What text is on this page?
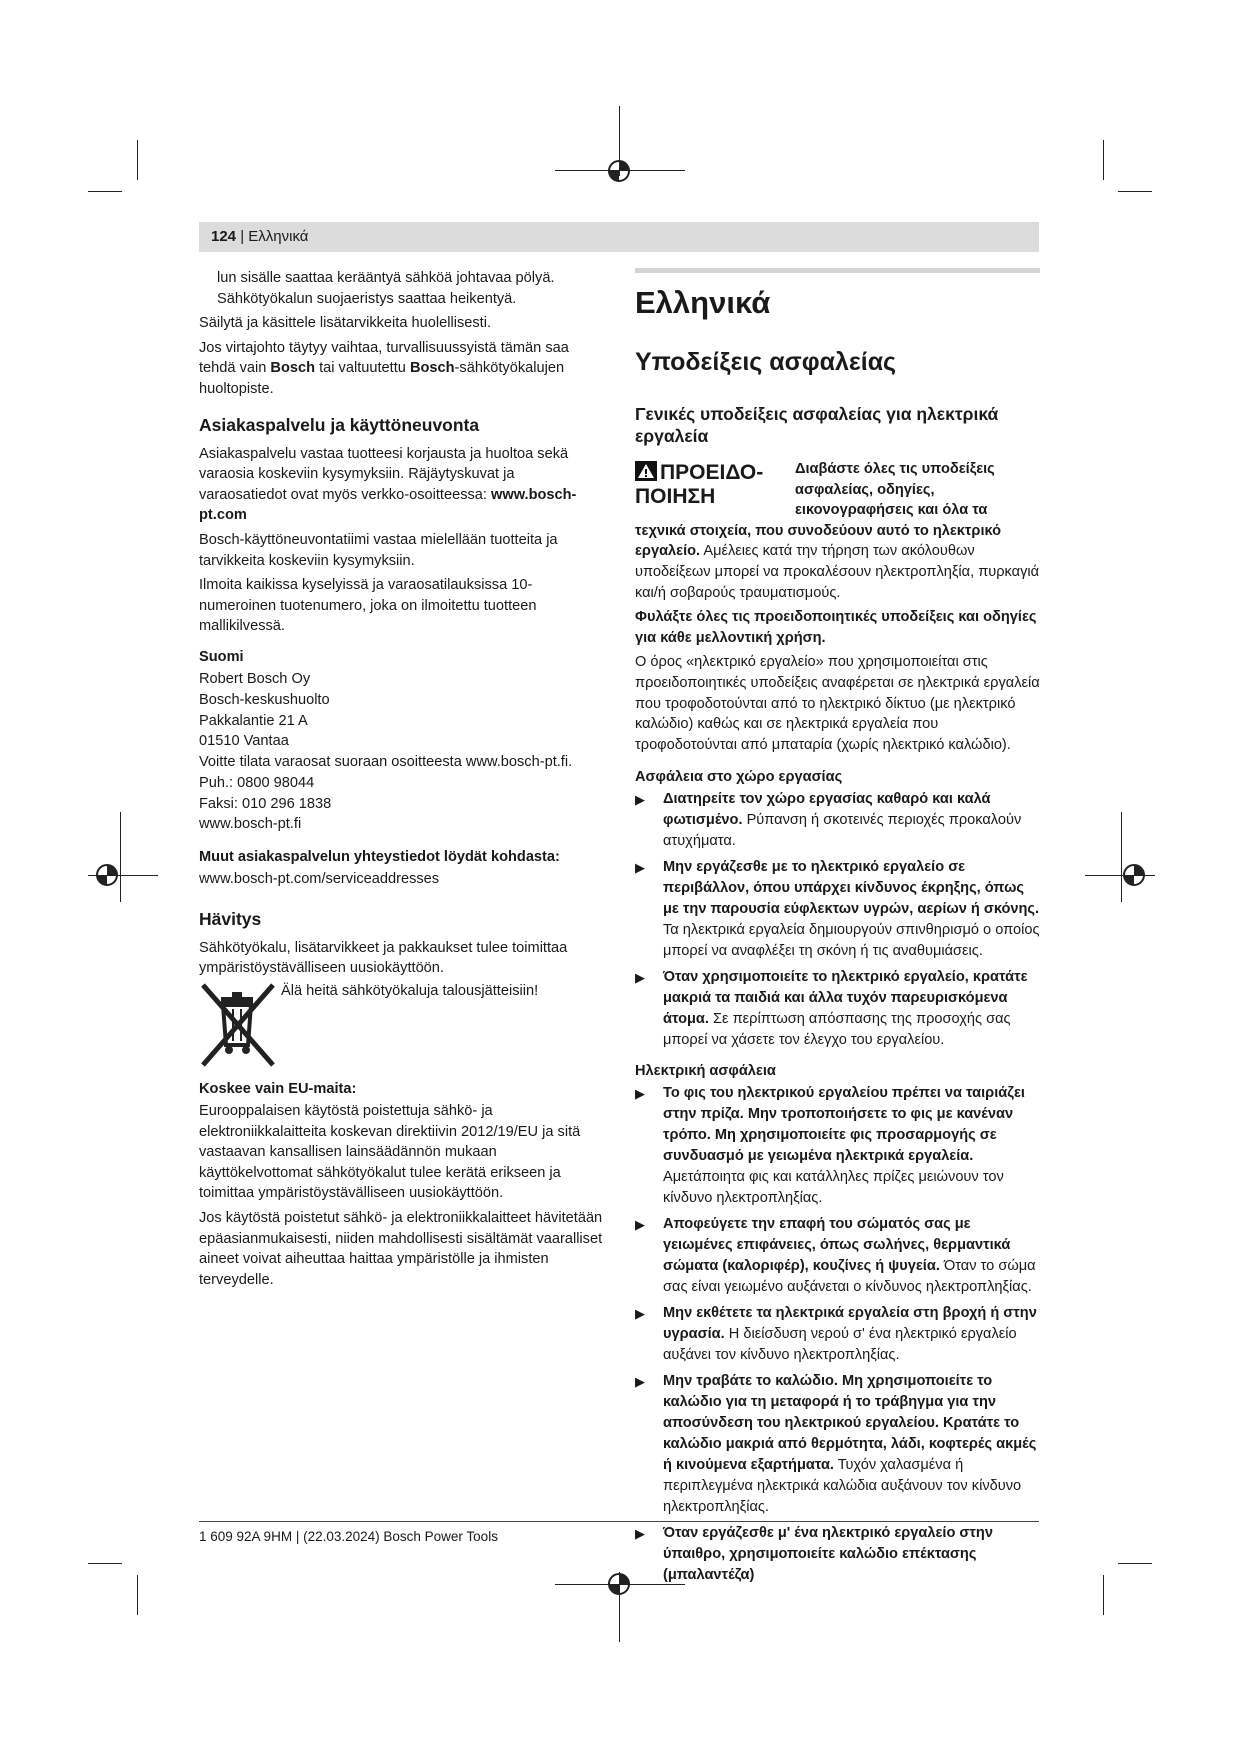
124 | Ελληνικά

lun sisälle saattaa kerääntyä sähköä johtavaa pölyä. Sähkötyökalun suojaeristys saattaa heikentyä.

Säilytä ja käsittele lisätarvikkeita huolellisesti.

Jos virtajohto täytyy vaihtaa, turvallisuussyistä tämän saa tehdä vain Bosch tai valtuutettu Bosch-sähkötyökalujen huoltopiste.

Asiakaspalvelu ja käyttöneuvonta

Asiakaspalvelu vastaa tuotteesi korjausta ja huoltoa sekä varaosia koskeviin kysymyksiin. Räjäytyskuvat ja varaosatiedot ovat myös verkko-osoitteessa: www.bosch-pt.com

Bosch-käyttöneuvontatiimi vastaa mielellään tuotteita ja tarvikkeita koskeviin kysymyksiin.

Ilmoita kaikissa kyselyissä ja varaosatilauksissa 10-numeroinen tuotenumero, joka on ilmoitettu tuotteen mallikilvessä.

Suomi
Robert Bosch Oy
Bosch-keskushuolto
Pakkalantie 21 A
01510 Vantaa
Voitte tilata varaosat suoraan osoitteesta www.bosch-pt.fi.
Puh.: 0800 98044
Faksi: 010 296 1838
www.bosch-pt.fi
Muut asiakaspalvelun yhteystiedot löydät kohdasta:

www.bosch-pt.com/serviceaddresses

Hävitys

Sähkötyökalu, lisätarvikkeet ja pakkaukset tulee toimittaa ympäristöystävälliseen uusiokäyttöön.

Älä heitä sähkötyökaluja talousjätteisiin!

Koskee vain EU-maita:

Eurooppalaisen käytöstä poistettuja sähkö- ja elektroniikkalaitteita koskevan direktiivin 2012/19/EU ja sitä vastaavan kansallisen lainsäädännön mukaan käyttökelvottomat sähkötyökalut tulee kerätä erikseen ja toimittaa ympäristöystävälliseen uusiokäyttöön.

Jos käytöstä poistetut sähkö- ja elektroniikkalaitteet hävitetään epäasianmukaisesti, niiden mahdollisesti sisältämät vaaralliset aineet voivat aiheuttaa haittaa ympäristölle ja ihmisten terveydelle.

Ελληνικά
Υποδείξεις ασφαλείας
Γενικές υποδείξεις ασφαλείας για ηλεκτρικά εργαλεία
ΠΡΟΕΙΔΟ- ΠΟΙΗΣΗ

Διαβάστε όλες τις υποδείξεις ασφαλείας, οδηγίες, εικονογραφήσεις και όλα τα τεχνικά στοιχεία, που συνοδεύουν αυτό το ηλεκτρικό εργαλείο. Αμέλειες κατά την τήρηση των ακόλουθων υποδείξεων μπορεί να προκαλέσουν ηλεκτροπληξία, πυρκαγιά και/ή σοβαρούς τραυματισμούς.

Φυλάξτε όλες τις προειδοποιητικές υποδείξεις και οδηγίες για κάθε μελλοντική χρήση.

Ο όρος «ηλεκτρικό εργαλείο» που χρησιμοποιείται στις προειδοποιητικές υποδείξεις αναφέρεται σε ηλεκτρικά εργαλεία που τροφοδοτούνται από το ηλεκτρικό δίκτυο (με ηλεκτρικό καλώδιο) καθώς και σε ηλεκτρικά εργαλεία που τροφοδοτούνται από μπαταρία (χωρίς ηλεκτρικό καλώδιο).

Ασφάλεια στο χώρο εργασίας
▶ Διατηρείτε τον χώρο εργασίας καθαρό και καλά φωτισμένο. Ρύπανση ή σκοτεινές περιοχές προκαλούν ατυχήματα.
▶ Μην εργάζεσθε με το ηλεκτρικό εργαλείο σε περιβάλλον, όπου υπάρχει κίνδυνος έκρηξης, όπως με την παρουσία εύφλεκτων υγρών, αερίων ή σκόνης. Τα ηλεκτρικά εργαλεία δημιουργούν σπινθηρισμό ο οποίος μπορεί να αναφλέξει τη σκόνη ή τις αναθυμιάσεις.
▶ Όταν χρησιμοποιείτε το ηλεκτρικό εργαλείο, κρατάτε μακριά τα παιδιά και άλλα τυχόν παρευρισκόμενα άτομα. Σε περίπτωση απόσπασης της προσοχής σας μπορεί να χάσετε τον έλεγχο του εργαλείου.
Ηλεκτρική ασφάλεια
▶ Το φις του ηλεκτρικού εργαλείου πρέπει να ταιριάζει στην πρίζα. Μην τροποποιήσετε το φις με κανέναν τρόπο. Μη χρησιμοποιείτε φις προσαρμογής σε συνδυασμό με γειωμένα ηλεκτρικά εργαλεία. Αμετάποιητα φις και κατάλληλες πρίζες μειώνουν τον κίνδυνο ηλεκτροπληξίας.
▶ Αποφεύγετε την επαφή του σώματός σας με γειωμένες επιφάνειες, όπως σωλήνες, θερμαντικά σώματα (καλοριφέρ), κουζίνες ή ψυγεία. Όταν το σώμα σας είναι γειωμένο αυξάνεται ο κίνδυνος ηλεκτροπληξίας.
▶ Μην εκθέτετε τα ηλεκτρικά εργαλεία στη βροχή ή στην υγρασία. Η διείσδυση νερού σ' ένα ηλεκτρικό εργαλείο αυξάνει τον κίνδυνο ηλεκτροπληξίας.
▶ Μην τραβάτε το καλώδιο. Μη χρησιμοποιείτε το καλώδιο για τη μεταφορά ή το τράβηγμα για την αποσύνδεση του ηλεκτρικού εργαλείου. Κρατάτε το καλώδιο μακριά από θερμότητα, λάδι, κοφτερές ακμές ή κινούμενα εξαρτήματα. Τυχόν χαλασμένα ή περιπλεγμένα ηλεκτρικά καλώδια αυξάνουν τον κίνδυνο ηλεκτροπληξίας.
▶ Όταν εργάζεσθε μ' ένα ηλεκτρικό εργαλείο στην ύπαιθρο, χρησιμοποιείτε καλώδιο επέκτασης (μπαλαντέζα)
1 609 92A 9HM | (22.03.2024) Bosch Power Tools
